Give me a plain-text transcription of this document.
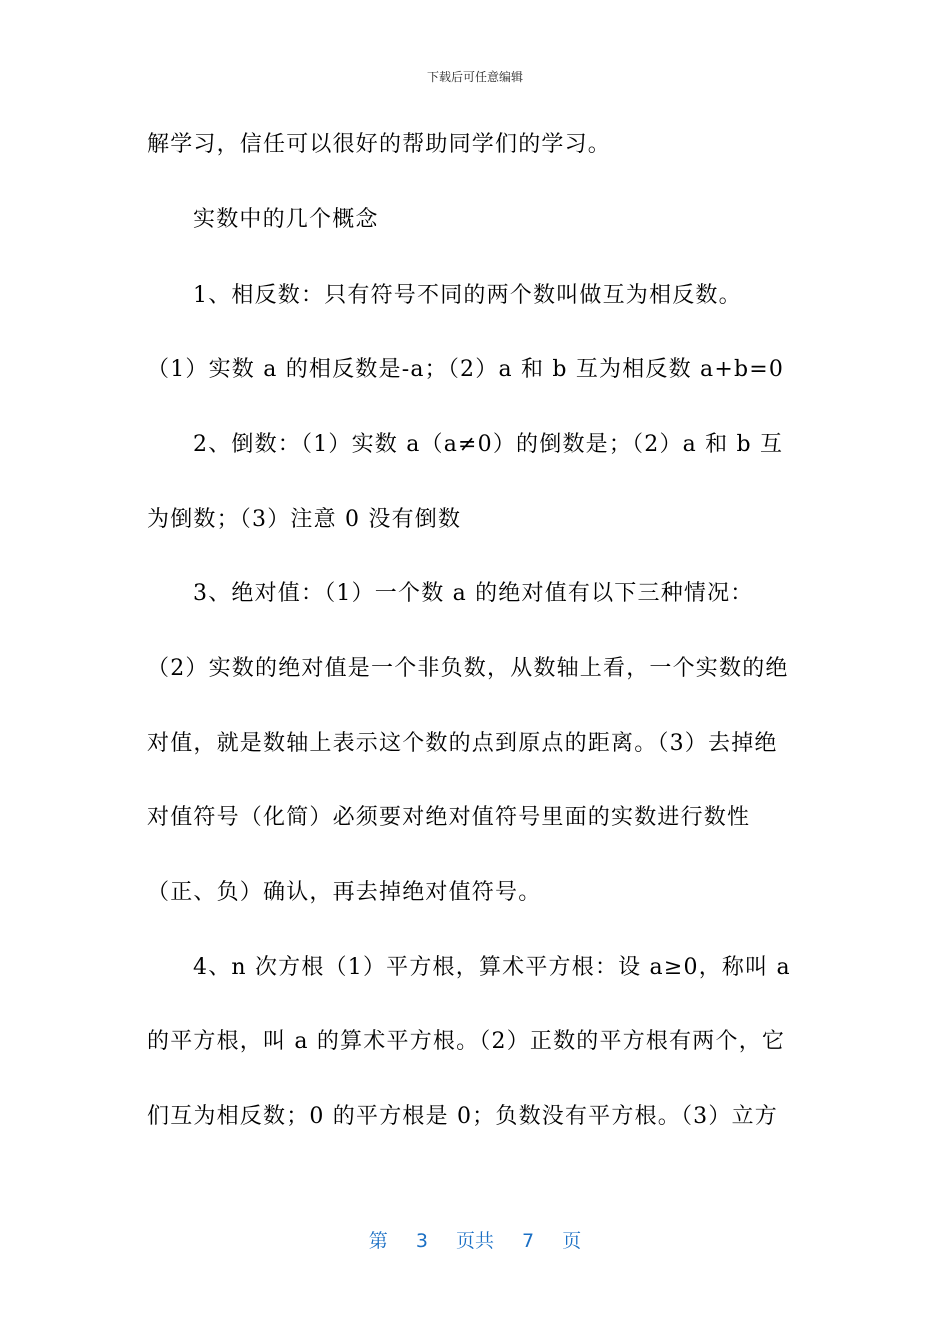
下载后可任意编辑
解学习，信任可以很好的帮助同学们的学习。
实数中的几个概念
1、相反数：只有符号不同的两个数叫做互为相反数。
（1）实数 a 的相反数是-a；（2）a 和 b 互为相反数 a+b=0
2、倒数：（1）实数 a（a≠0）的倒数是；（2）a 和 b 互
为倒数；（3）注意 0 没有倒数
3、绝对值：（1）一个数 a 的绝对值有以下三种情况：
（2）实数的绝对值是一个非负数，从数轴上看，一个实数的绝
对值，就是数轴上表示这个数的点到原点的距离。（3）去掉绝
对值符号（化简）必须要对绝对值符号里面的实数进行数性
（正、负）确认，再去掉绝对值符号。
4、n 次方根（1）平方根，算术平方根：设 a≥0，称叫 a
的平方根，叫 a 的算术平方根。（2）正数的平方根有两个，它
们互为相反数；0 的平方根是 0；负数没有平方根。（3）立方
第 3 页共 7 页
